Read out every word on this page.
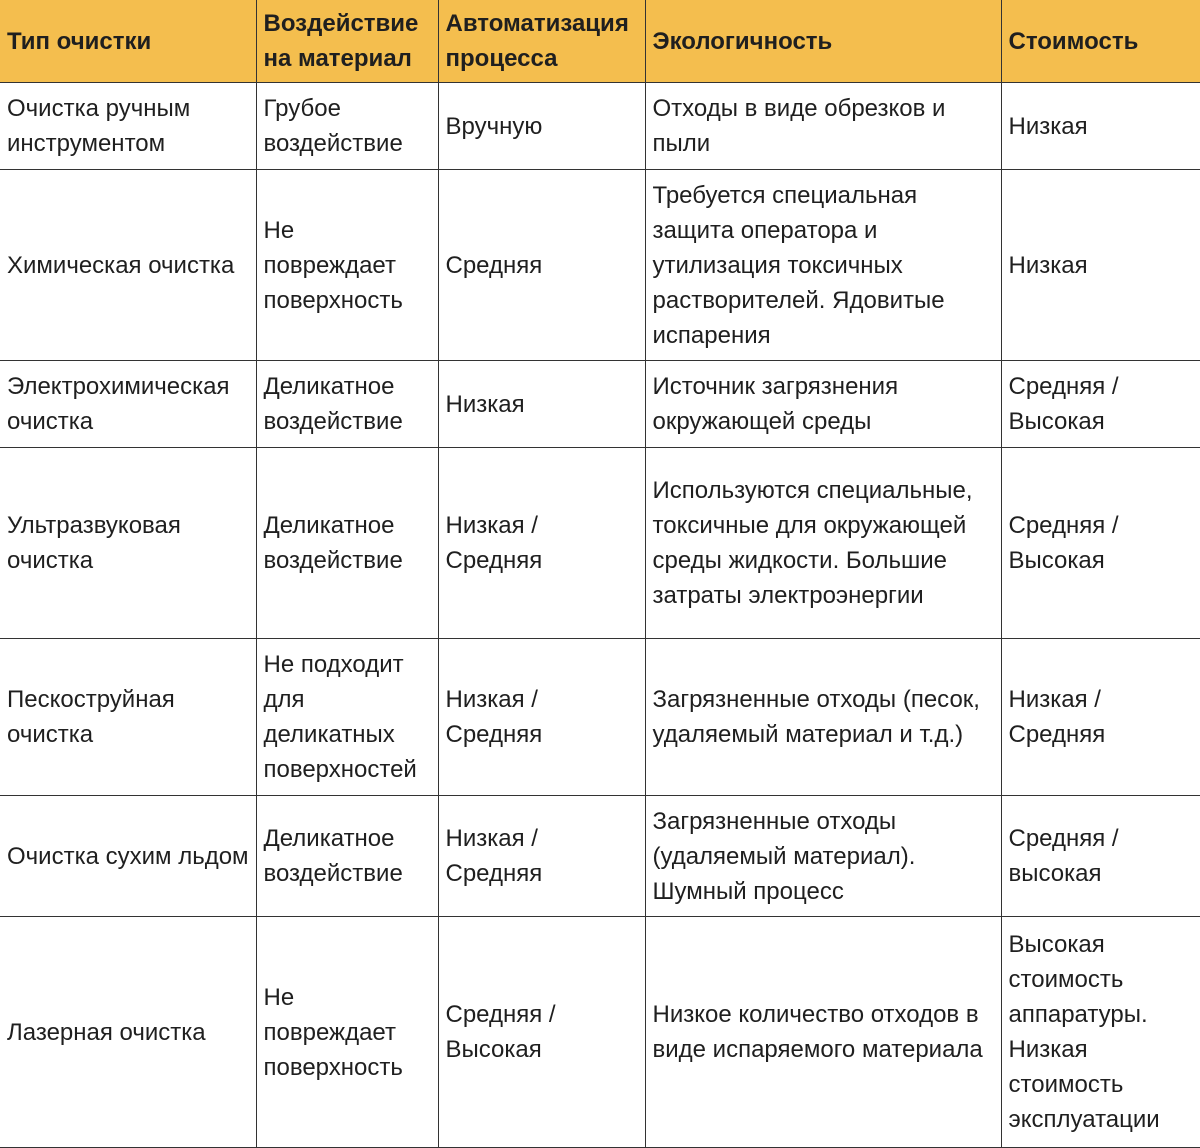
Тип очистки	Воздействие на материал	Автоматизация процесса	Экологичность	Стоимость
Очистка ручным инструментом	Грубое воздействие	Вручную	Отходы в виде обрезков и пыли	Низкая
Химическая очистка	Не повреждает поверхность	Средняя	Требуется специальная защита оператора и утилизация токсичных растворителей. Ядовитые испарения	Низкая
Электрохимическая очистка	Деликатное воздействие	Низкая	Источник загрязнения окружающей среды	Средняя / Высокая
Ультразвуковая очистка	Деликатное воздействие	Низкая / Средняя	Используются специальные, токсичные для окружающей среды жидкости. Большие затраты электроэнергии	Средняя / Высокая
Пескоструйная очистка	Не подходит для деликатных поверхностей	Низкая / Средняя	Загрязненные отходы (песок, удаляемый материал и т.д.)	Низкая / Средняя
Очистка сухим льдом	Деликатное воздействие	Низкая / Средняя	Загрязненные отходы (удаляемый материал). Шумный процесс	Средняя / высокая
Лазерная очистка	Не повреждает поверхность	Средняя / Высокая	Низкое количество отходов в виде испаряемого материала	Высокая стоимость аппаратуры. Низкая стоимость эксплуатации
